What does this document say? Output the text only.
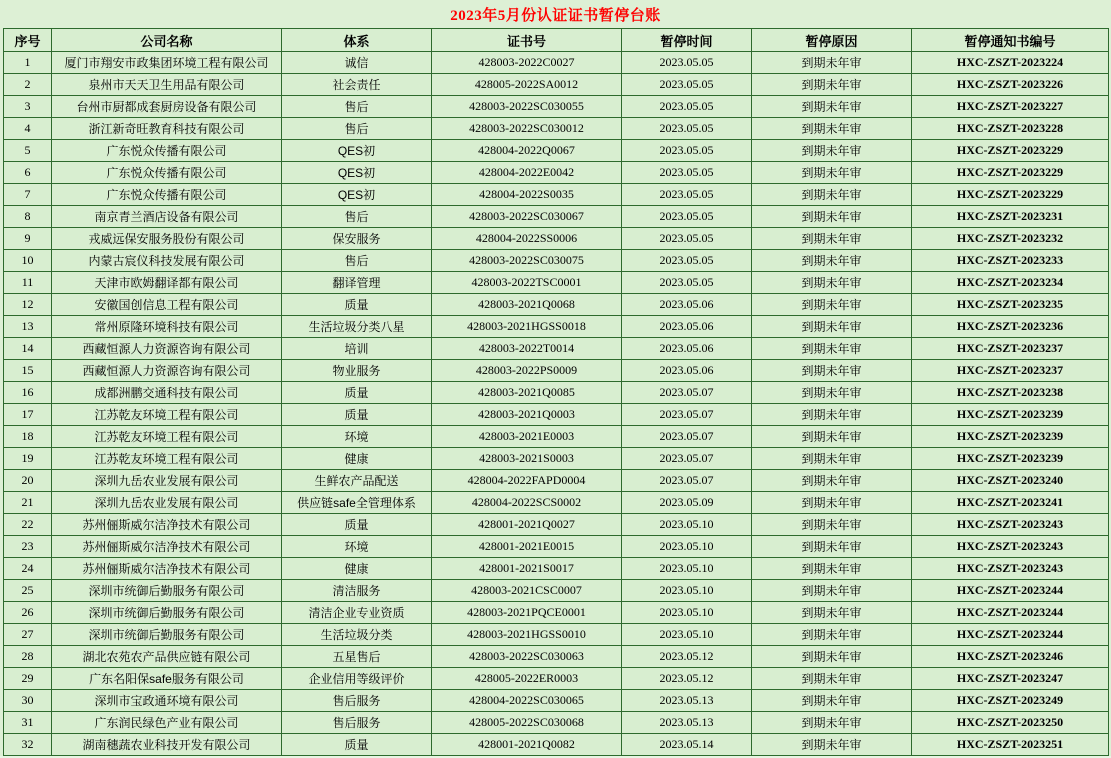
2023年5月份认证证书暂停台账
序号	公司名称	体系	证书号	暂停时间	暂停原因	暂停通知书编号
1	厦门市翔安市政集团环境工程有限公司	诚信	428003-2022C0027	2023.05.05	到期未年审	HXC-ZSZT-2023224
2	泉州市天天卫生用品有限公司	社会责任	428005-2022SA0012	2023.05.05	到期未年审	HXC-ZSZT-2023226
3	台州市厨都成套厨房设备有限公司	售后	428003-2022SC030055	2023.05.05	到期未年审	HXC-ZSZT-2023227
4	浙江新奇旺教育科技有限公司	售后	428003-2022SC030012	2023.05.05	到期未年审	HXC-ZSZT-2023228
5	广东悦众传播有限公司	QES初	428004-2022Q0067	2023.05.05	到期未年审	HXC-ZSZT-2023229
6	广东悦众传播有限公司	QES初	428004-2022E0042	2023.05.05	到期未年审	HXC-ZSZT-2023229
7	广东悦众传播有限公司	QES初	428004-2022S0035	2023.05.05	到期未年审	HXC-ZSZT-2023229
8	南京青兰酒店设备有限公司	售后	428003-2022SC030067	2023.05.05	到期未年审	HXC-ZSZT-2023231
9	戎威远保安服务股份有限公司	保安服务	428004-2022SS0006	2023.05.05	到期未年审	HXC-ZSZT-2023232
10	内蒙古宸仪科技发展有限公司	售后	428003-2022SC030075	2023.05.05	到期未年审	HXC-ZSZT-2023233
11	天津市欧姆翻译都有限公司	翻译管理	428003-2022TSC0001	2023.05.05	到期未年审	HXC-ZSZT-2023234
12	安徽国创信息工程有限公司	质量	428003-2021Q0068	2023.05.06	到期未年审	HXC-ZSZT-2023235
13	常州原隆环境科技有限公司	生活垃圾分类八星	428003-2021HGSS0018	2023.05.06	到期未年审	HXC-ZSZT-2023236
14	西藏恒源人力资源咨询有限公司	培训	428003-2022T0014	2023.05.06	到期未年审	HXC-ZSZT-2023237
15	西藏恒源人力资源咨询有限公司	物业服务	428003-2022PS0009	2023.05.06	到期未年审	HXC-ZSZT-2023237
16	成都洲鹏交通科技有限公司	质量	428003-2021Q0085	2023.05.07	到期未年审	HXC-ZSZT-2023238
17	江苏乾友环境工程有限公司	质量	428003-2021Q0003	2023.05.07	到期未年审	HXC-ZSZT-2023239
18	江苏乾友环境工程有限公司	环境	428003-2021E0003	2023.05.07	到期未年审	HXC-ZSZT-2023239
19	江苏乾友环境工程有限公司	健康	428003-2021S0003	2023.05.07	到期未年审	HXC-ZSZT-2023239
20	深圳九岳农业发展有限公司	生鲜农产品配送	428004-2022FAPD0004	2023.05.07	到期未年审	HXC-ZSZT-2023240
21	深圳九岳农业发展有限公司	供应链safe全管理体系	428004-2022SCS0002	2023.05.09	到期未年审	HXC-ZSZT-2023241
22	苏州俪斯威尔洁净技术有限公司	质量	428001-2021Q0027	2023.05.10	到期未年审	HXC-ZSZT-2023243
23	苏州俪斯威尔洁净技术有限公司	环境	428001-2021E0015	2023.05.10	到期未年审	HXC-ZSZT-2023243
24	苏州俪斯威尔洁净技术有限公司	健康	428001-2021S0017	2023.05.10	到期未年审	HXC-ZSZT-2023243
25	深圳市统御后勤服务有限公司	清洁服务	428003-2021CSC0007	2023.05.10	到期未年审	HXC-ZSZT-2023244
26	深圳市统御后勤服务有限公司	清洁企业专业资质	428003-2021PQCE0001	2023.05.10	到期未年审	HXC-ZSZT-2023244
27	深圳市统御后勤服务有限公司	生活垃圾分类	428003-2021HGSS0010	2023.05.10	到期未年审	HXC-ZSZT-2023244
28	湖北农苑农产品供应链有限公司	五星售后	428003-2022SC030063	2023.05.12	到期未年审	HXC-ZSZT-2023246
29	广东名阳保safe服务有限公司	企业信用等级评价	428005-2022ER0003	2023.05.12	到期未年审	HXC-ZSZT-2023247
30	深圳市宝政通环境有限公司	售后服务	428004-2022SC030065	2023.05.13	到期未年审	HXC-ZSZT-2023249
31	广东润民绿色产业有限公司	售后服务	428005-2022SC030068	2023.05.13	到期未年审	HXC-ZSZT-2023250
32	湖南穗蔬农业科技开发有限公司	质量	428001-2021Q0082	2023.05.14	到期未年审	HXC-ZSZT-2023251
